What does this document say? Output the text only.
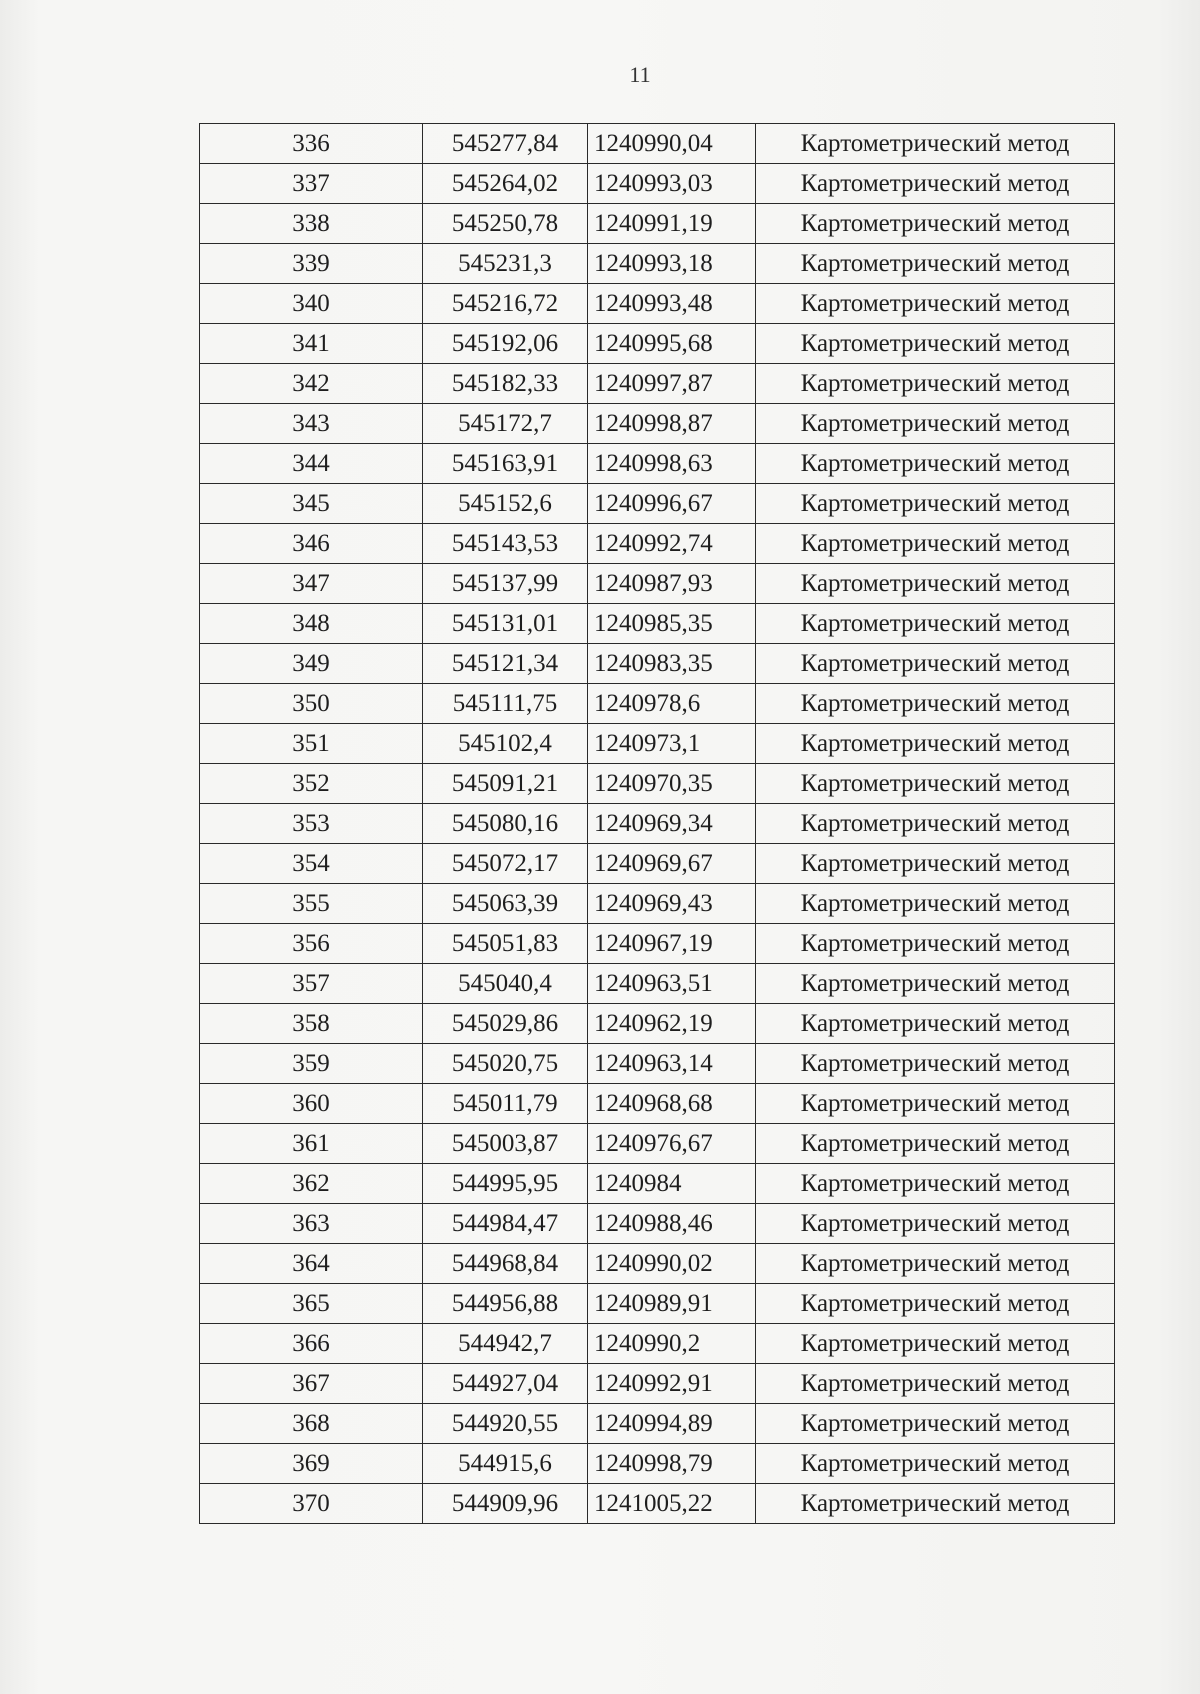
11
336	545277,84	1240990,04	Картометрический метод
337	545264,02	1240993,03	Картометрический метод
338	545250,78	1240991,19	Картометрический метод
339	545231,3	1240993,18	Картометрический метод
340	545216,72	1240993,48	Картометрический метод
341	545192,06	1240995,68	Картометрический метод
342	545182,33	1240997,87	Картометрический метод
343	545172,7	1240998,87	Картометрический метод
344	545163,91	1240998,63	Картометрический метод
345	545152,6	1240996,67	Картометрический метод
346	545143,53	1240992,74	Картометрический метод
347	545137,99	1240987,93	Картометрический метод
348	545131,01	1240985,35	Картометрический метод
349	545121,34	1240983,35	Картометрический метод
350	545111,75	1240978,6	Картометрический метод
351	545102,4	1240973,1	Картометрический метод
352	545091,21	1240970,35	Картометрический метод
353	545080,16	1240969,34	Картометрический метод
354	545072,17	1240969,67	Картометрический метод
355	545063,39	1240969,43	Картометрический метод
356	545051,83	1240967,19	Картометрический метод
357	545040,4	1240963,51	Картометрический метод
358	545029,86	1240962,19	Картометрический метод
359	545020,75	1240963,14	Картометрический метод
360	545011,79	1240968,68	Картометрический метод
361	545003,87	1240976,67	Картометрический метод
362	544995,95	1240984	Картометрический метод
363	544984,47	1240988,46	Картометрический метод
364	544968,84	1240990,02	Картометрический метод
365	544956,88	1240989,91	Картометрический метод
366	544942,7	1240990,2	Картометрический метод
367	544927,04	1240992,91	Картометрический метод
368	544920,55	1240994,89	Картометрический метод
369	544915,6	1240998,79	Картометрический метод
370	544909,96	1241005,22	Картометрический метод
